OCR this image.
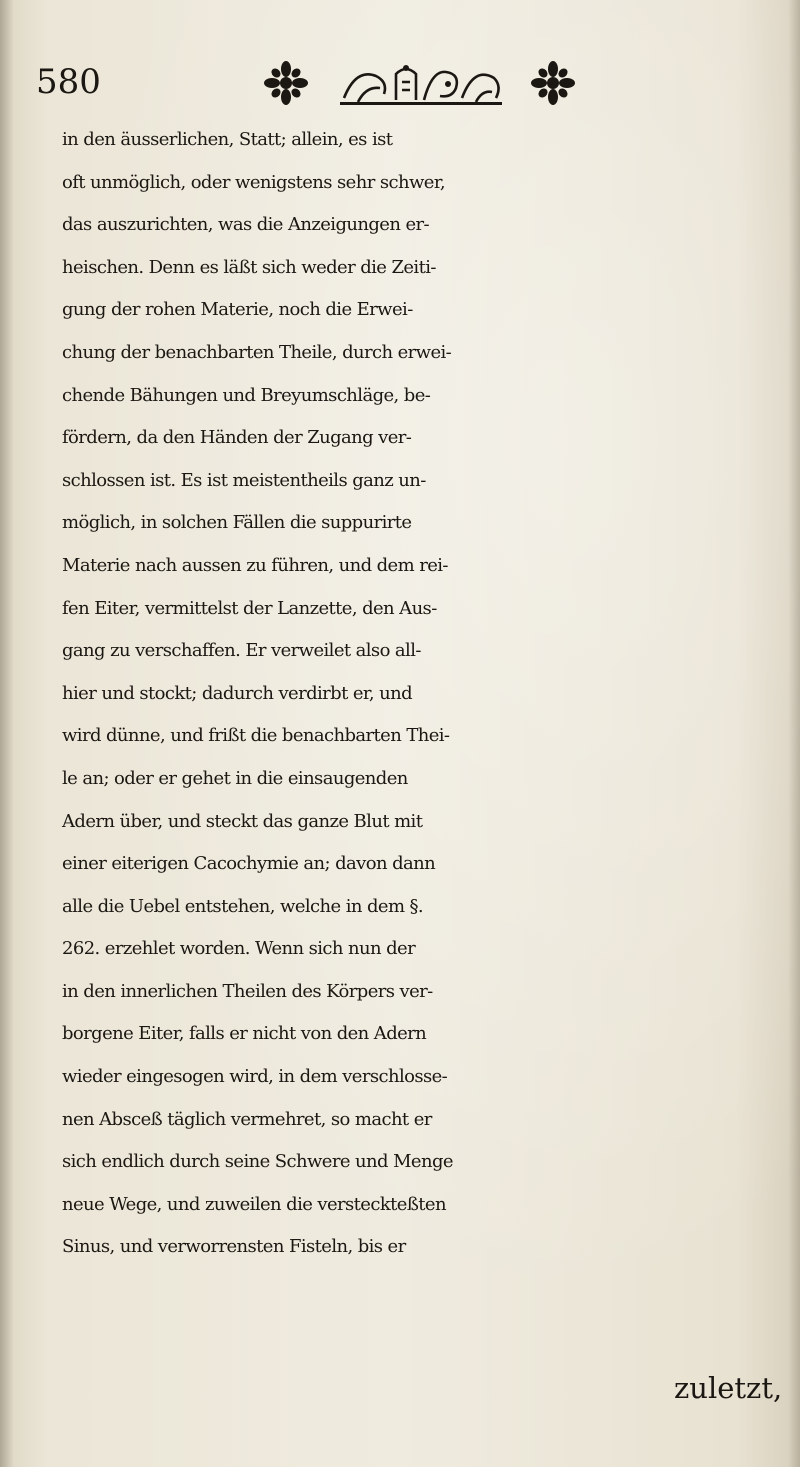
580
in den äusserlichen, Statt; allein, es ist
oft unmöglich, oder wenigstens sehr schwer,
das auszurichten, was die Anzeigungen er-
heischen. Denn es läßt sich weder die Zeiti-
gung der rohen Materie, noch die Erwei-
chung der benachbarten Theile, durch erwei-
chende Bähungen und Breyumschläge, be-
fördern, da den Händen der Zugang ver-
schlossen ist. Es ist meistentheils ganz un-
möglich, in solchen Fällen die suppurirte
Materie nach aussen zu führen, und dem rei-
fen Eiter, vermittelst der Lanzette, den Aus-
gang zu verschaffen. Er verweilet also all-
hier und stockt; dadurch verdirbt er, und
wird dünne, und frißt die benachbarten Thei-
le an; oder er gehet in die einsaugenden
Adern über, und steckt das ganze Blut mit
einer eiterigen Cacochymie an; davon dann
alle die Uebel entstehen, welche in dem §.
262. erzehlet worden. Wenn sich nun der
in den innerlichen Theilen des Körpers ver-
borgene Eiter, falls er nicht von den Adern
wieder eingesogen wird, in dem verschlosse-
nen Absceß täglich vermehret, so macht er
sich endlich durch seine Schwere und Menge
neue Wege, und zuweilen die versteckteßten
Sinus, und verworrensten Fisteln, bis er
zuletzt,
